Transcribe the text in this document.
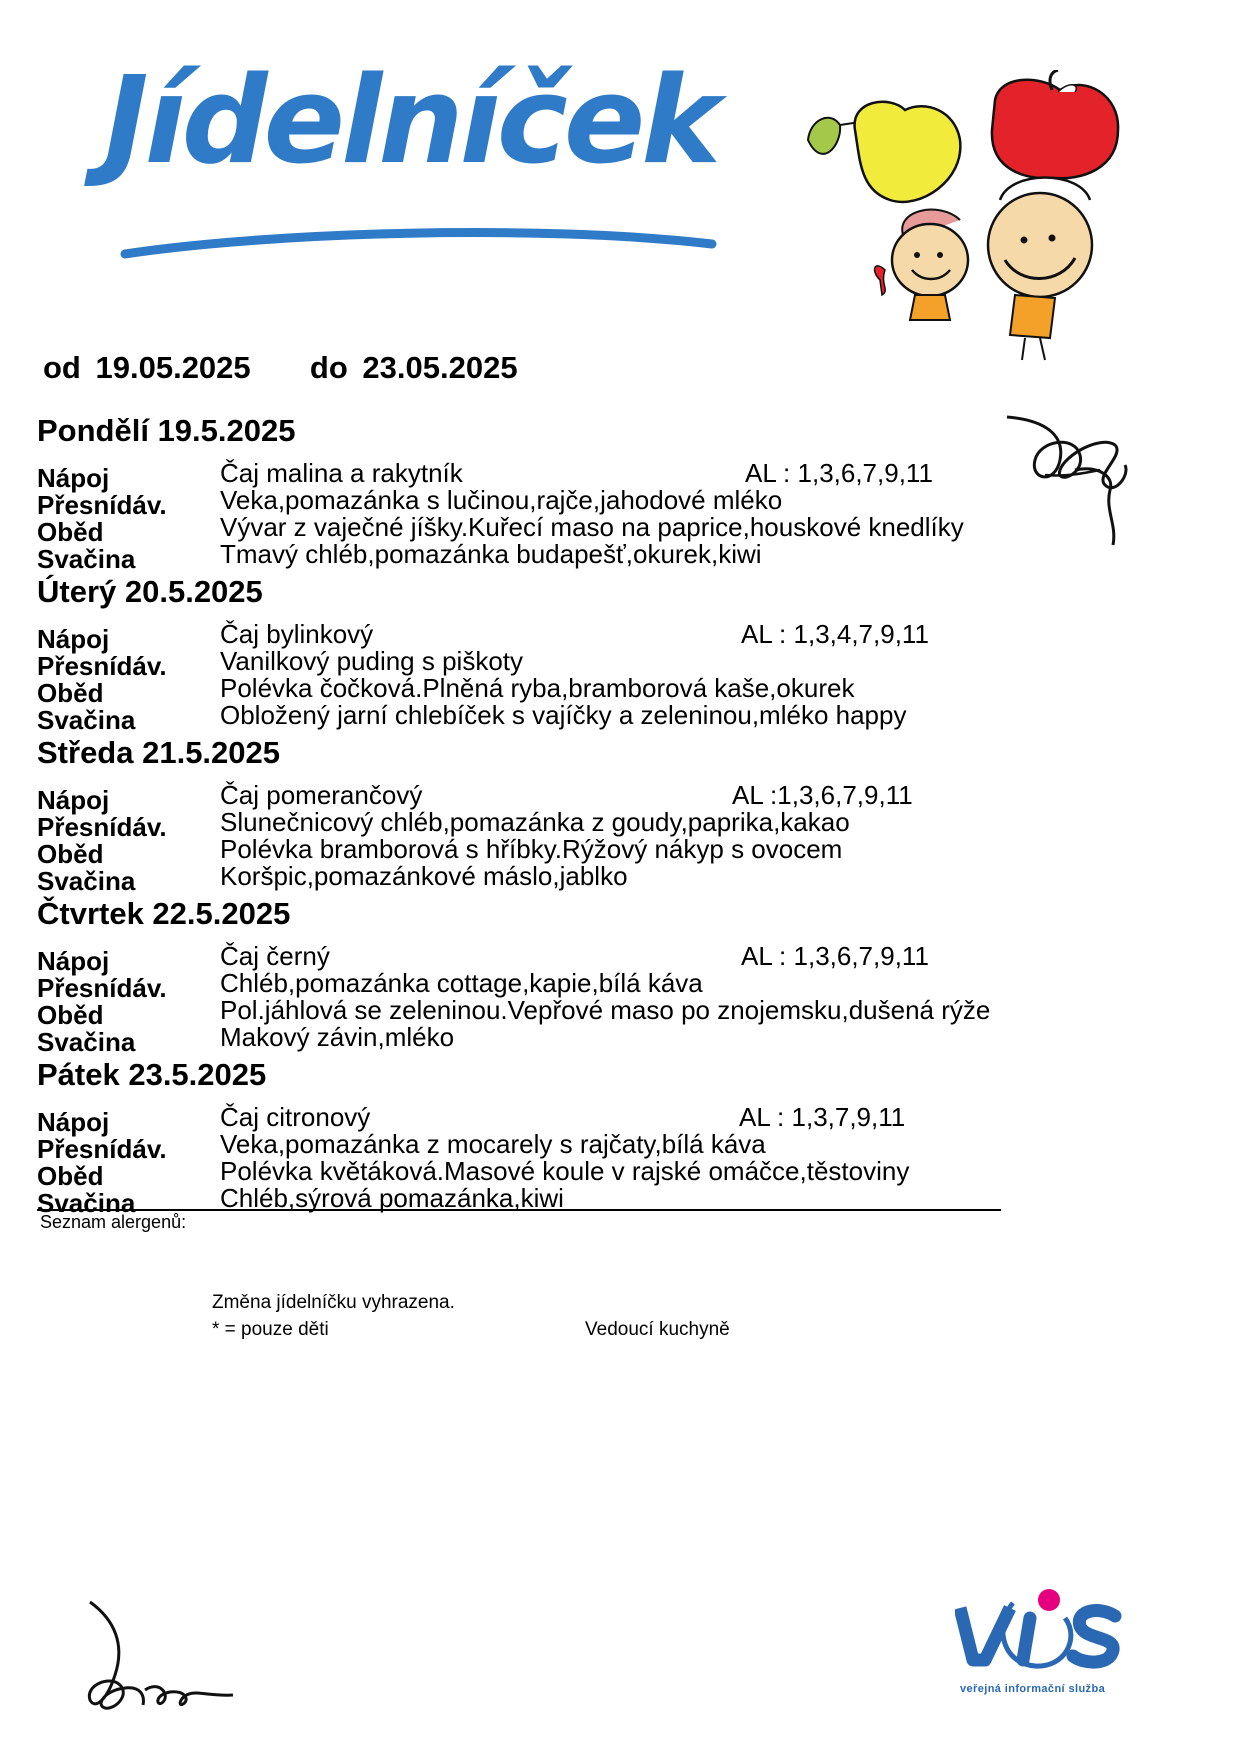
Jídelníček
od 19.05.2025 do 23.05.2025
Pondělí 19.5.2025
Nápoj	Čaj malina a rakytník	AL : 1,3,6,7,9,11
Přesnídáv. Veka,pomazánka s lučinou,rajče,jahodové mléko
Oběd	Vývar z vaječné jíšky.Kuřecí maso na paprice,houskové knedlíky
Svačina	Tmavý chléb,pomazánka budapešť,okurek,kiwi
Úterý 20.5.2025
Nápoj	Čaj bylinkový	AL : 1,3,4,7,9,11
Přesnídáv. Vanilkový puding s piškoty
Oběd	Polévka čočková.Plněná ryba,bramborová kaše,okurek
Svačina	Obložený jarní chlebíček s vajíčky a zeleninou,mléko happy
Středa 21.5.2025
Nápoj	Čaj pomerančový	AL :1,3,6,7,9,11
Přesnídáv. Slunečnicový chléb,pomazánka z goudy,paprika,kakao
Oběd	Polévka bramborová s hříbky.Rýžový nákyp s ovocem
Svačina	Koršpic,pomazánkové máslo,jablko
Čtvrtek 22.5.2025
Nápoj	Čaj černý	AL : 1,3,6,7,9,11
Přesnídáv. Chléb,pomazánka cottage,kapie,bílá káva
Oběd	Pol.jáhlová se zeleninou.Vepřové maso po znojemsku,dušená rýže
Svačina	Makový závin,mléko
Pátek 23.5.2025
Nápoj	Čaj citronový	AL : 1,3,7,9,11
Přesnídáv. Veka,pomazánka z mocarely s rajčaty,bílá káva
Oběd	Polévka květáková.Masové koule v rajské omáčce,těstoviny
Svačina	Chléb,sýrová pomazánka,kiwi
Seznam alergenů:
Změna jídelníčku vyhrazena.
* = pouze děti	Vedoucí kuchyně
veřejná informační služba
